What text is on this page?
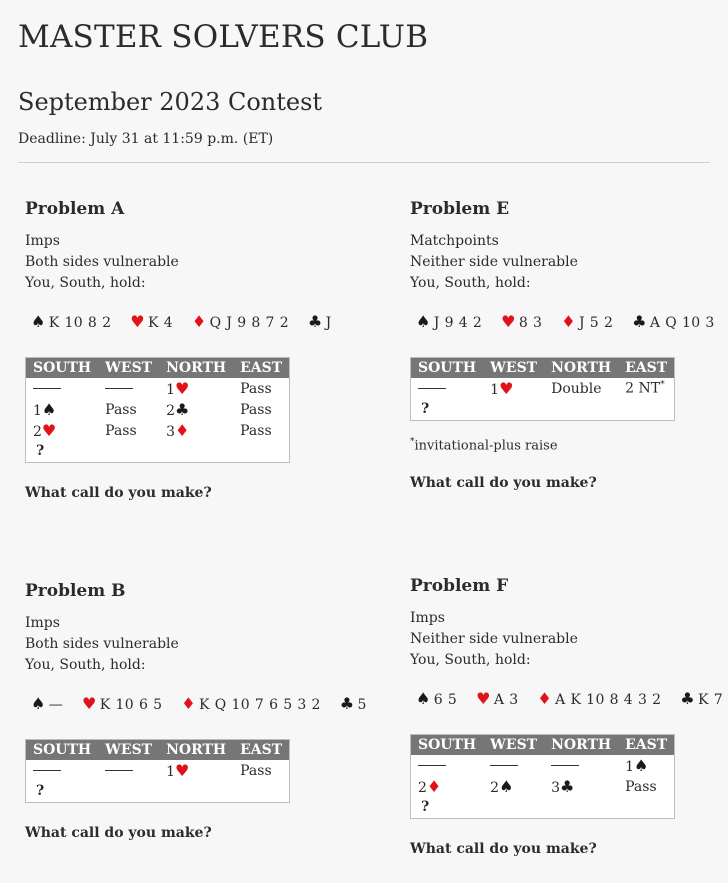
MASTER SOLVERS CLUB
September 2023 Contest
Deadline: July 31 at 11:59 p.m. (ET)
Problem A
Imps
Both sides vulnerable
You, South, hold:
♠ K 10 8 2 ♥ K 4 ♦ Q J 9 8 7 2 ♣ J
SOUTH	WEST	NORTH	EAST
		1♥	Pass
1♠	Pass	2♣	Pass
2♥	Pass	3♦	Pass
?			
What call do you make?
Problem E
Matchpoints
Neither side vulnerable
You, South, hold:
♠ J 9 4 2 ♥ 8 3 ♦ J 5 2 ♣ A Q 10 3
SOUTH	WEST	NORTH	EAST
	1♥	Double	2 NT*
?			
*invitational-plus raise
What call do you make?
Problem B
Imps
Both sides vulnerable
You, South, hold:
♠ — ♥ K 10 6 5 ♦ K Q 10 7 6 5 3 2 ♣ 5
SOUTH	WEST	NORTH	EAST
		1♥	Pass
?			
What call do you make?
Problem F
Imps
Neither side vulnerable
You, South, hold:
♠ 6 5 ♥ A 3 ♦ A K 10 8 4 3 2 ♣ K 7
SOUTH	WEST	NORTH	EAST
			1♠
2♦	2♠	3♣	Pass
?			
What call do you make?
